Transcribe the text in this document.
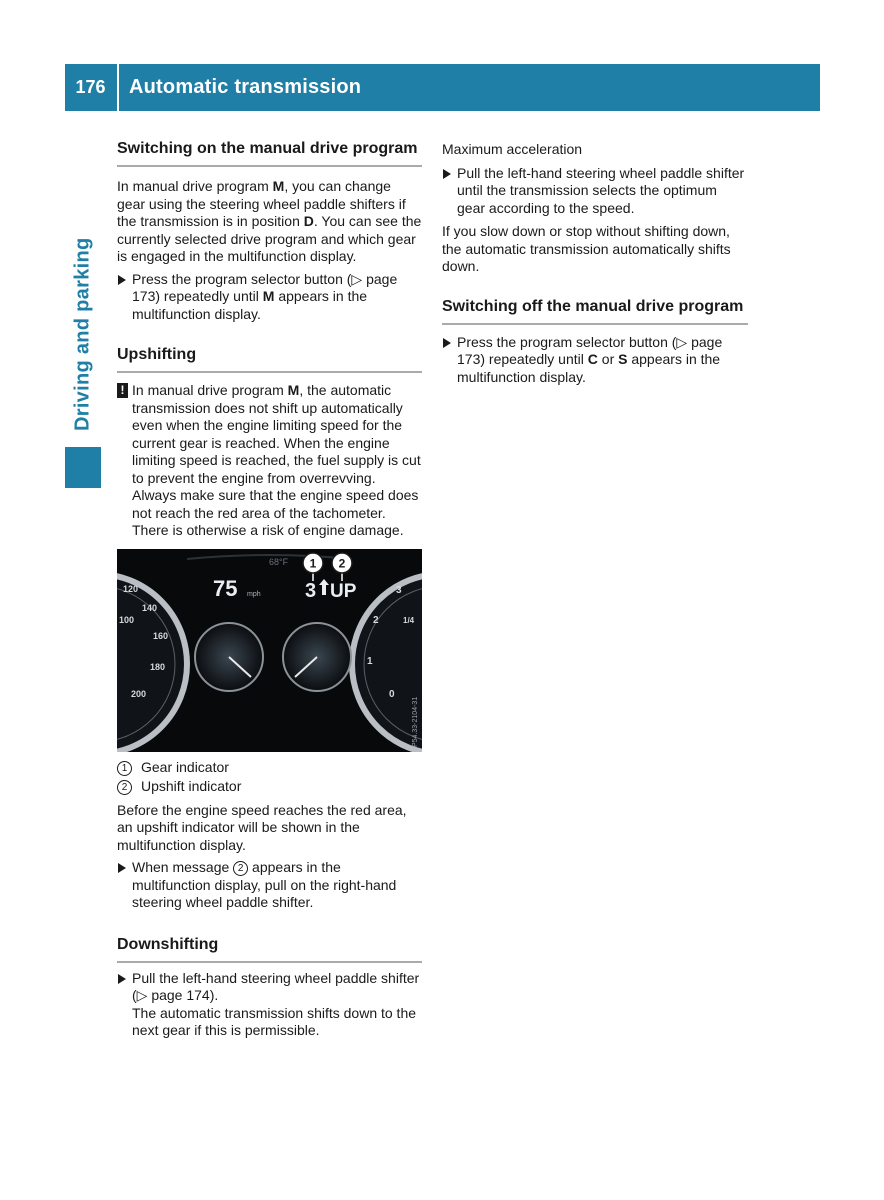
176	Automatic transmission
Driving and parking
Switching on the manual drive program

In manual drive program M, you can change gear using the steering wheel paddle shifters if the transmission is in position D. You can see the currently selected drive program and which gear is engaged in the multifunction display.

Press the program selector button (▷ page 173) repeatedly until M appears in the multifunction display.
Upshifting
! In manual drive program M, the automatic transmission does not shift up automatically even when the engine limiting speed for the current gear is reached. When the engine limiting speed is reached, the fuel supply is cut to prevent the engine from overrevving. Always make sure that the engine speed does not reach the red area of the tachometer. There is otherwise a risk of engine damage.
68°F
75 mph 3 UP
1 2
120
140
160
180
200
100
3
2
1
0
1/4
P54.33-2104-31
1 Gear indicator
2 Upshift indicator

Before the engine speed reaches the red area, an upshift indicator will be shown in the multifunction display.

When message 2 appears in the multifunction display, pull on the right-hand steering wheel paddle shifter.
Downshifting
Pull the left-hand steering wheel paddle shifter (▷ page 174).
The automatic transmission shifts down to the next gear if this is permissible.

Maximum acceleration

Pull the left-hand steering wheel paddle shifter until the transmission selects the optimum gear according to the speed.

If you slow down or stop without shifting down, the automatic transmission automatically shifts down.

Switching off the manual drive program
Press the program selector button (▷ page 173) repeatedly until C or S appears in the multifunction display.
